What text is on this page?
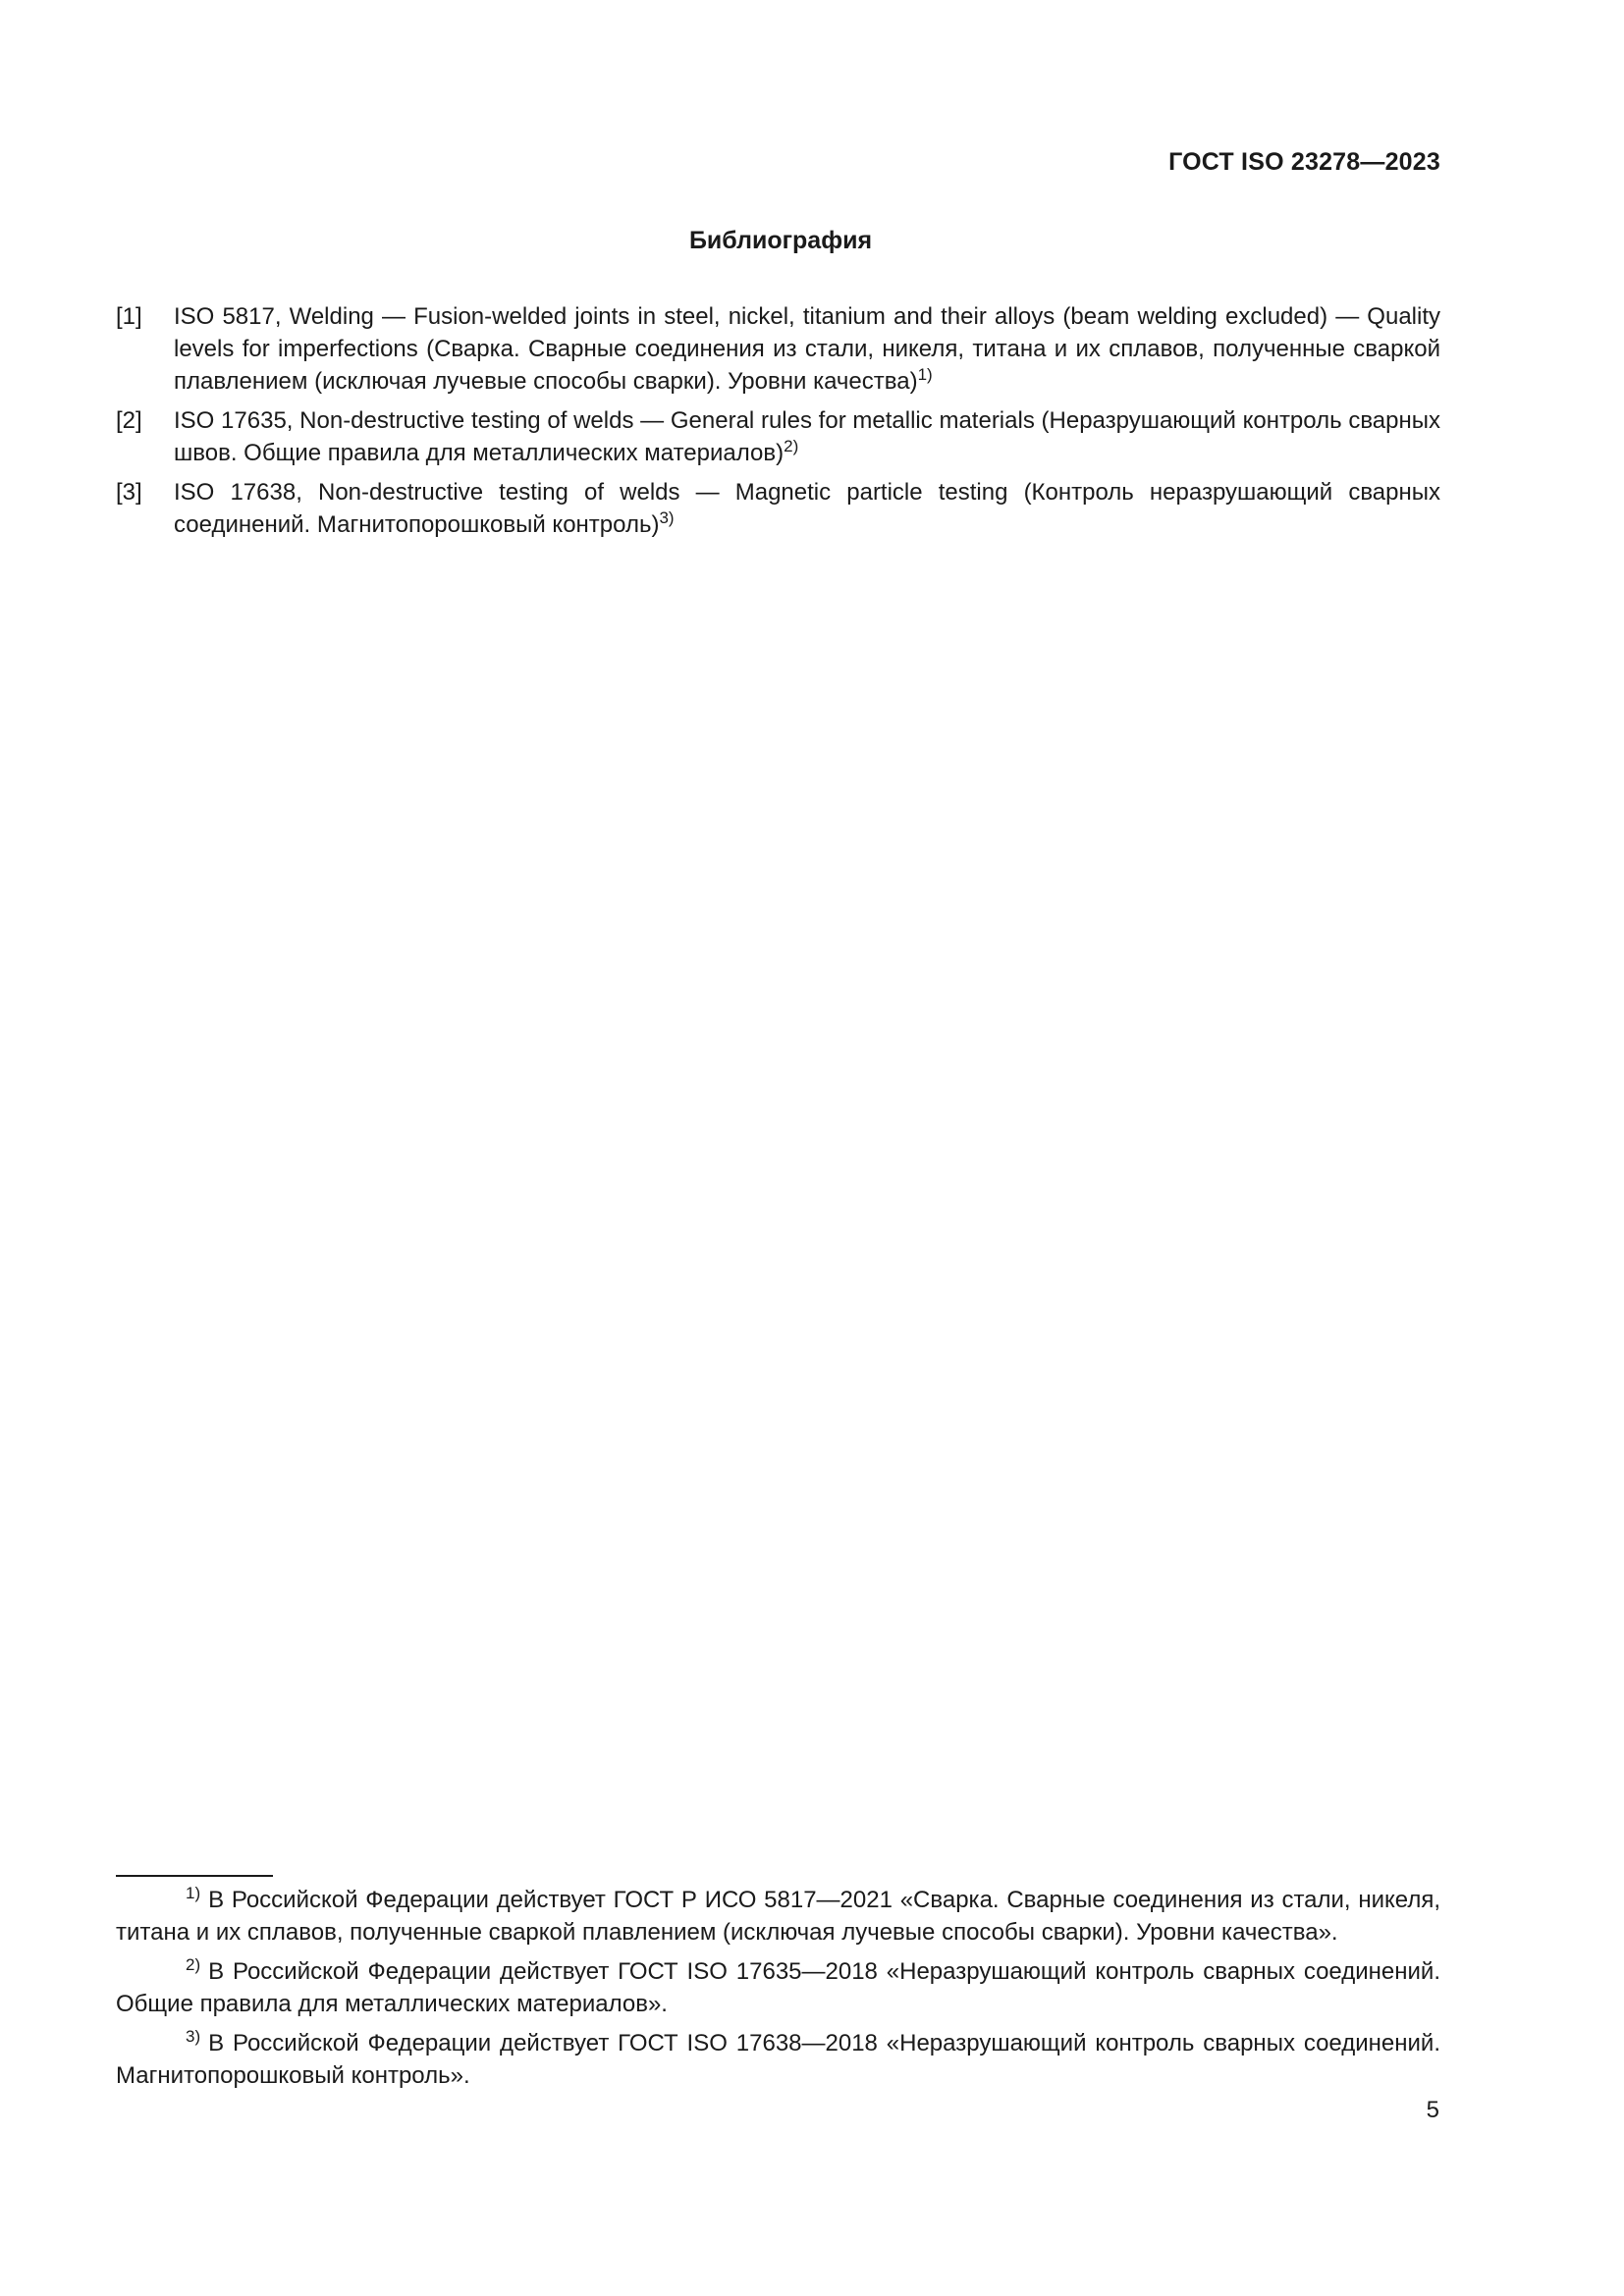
ГОСТ ISO 23278—2023
Библиография
[1] ISO 5817, Welding — Fusion-welded joints in steel, nickel, titanium and their alloys (beam welding excluded) — Quality levels for imperfections (Сварка. Сварные соединения из стали, никеля, титана и их сплавов, полученные сваркой плавлением (исключая лучевые способы сварки). Уровни качества)$^{1)}$
[2] ISO 17635, Non-destructive testing of welds — General rules for metallic materials (Неразрушающий контроль сварных швов. Общие правила для металлических материалов)$^{2)}$
[3] ISO 17638, Non-destructive testing of welds — Magnetic particle testing (Контроль неразрушающий сварных соединений. Магнитопорошковый контроль)$^{3)}$
$^{1)}$ В Российской Федерации действует ГОСТ Р ИСО 5817—2021 «Сварка. Сварные соединения из стали, никеля, титана и их сплавов, полученные сваркой плавлением (исключая лучевые способы сварки). Уровни качества».
$^{2)}$ В Российской Федерации действует ГОСТ ISO 17635—2018 «Неразрушающий контроль сварных соединений. Общие правила для металлических материалов».
$^{3)}$ В Российской Федерации действует ГОСТ ISO 17638—2018 «Неразрушающий контроль сварных соединений. Магнитопорошковый контроль».
5
